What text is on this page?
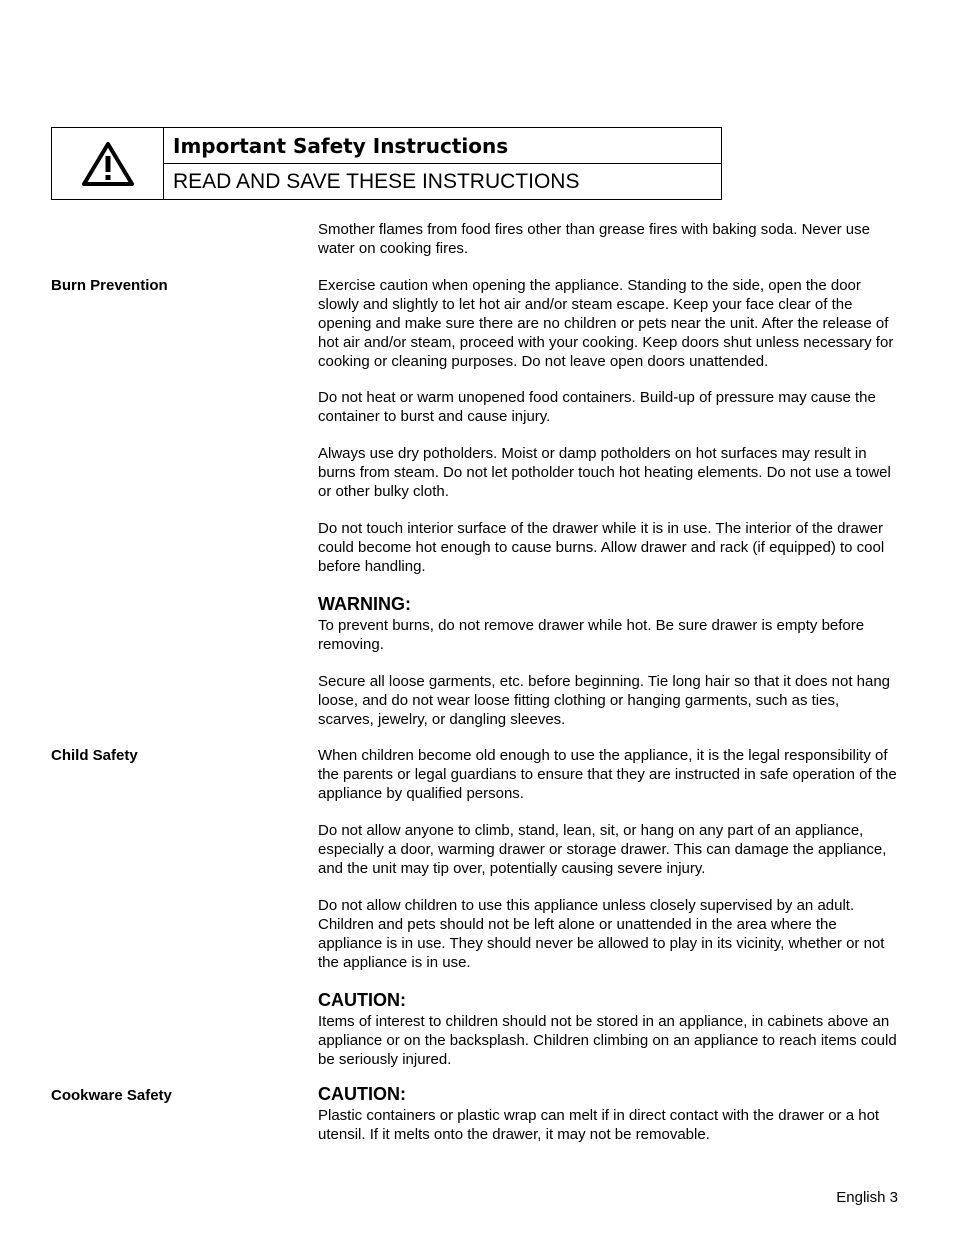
Important Safety Instructions
READ AND SAVE THESE INSTRUCTIONS
Smother flames from food fires other than grease fires with baking soda. Never use water on cooking fires.
Burn Prevention	Exercise caution when opening the appliance. Standing to the side, open the door slowly and slightly to let hot air and/or steam escape. Keep your face clear of the opening and make sure there are no children or pets near the unit. After the release of hot air and/or steam, proceed with your cooking. Keep doors shut unless necessary for cooking or cleaning purposes. Do not leave open doors unattended.
Do not heat or warm unopened food containers. Build-up of pressure may cause the container to burst and cause injury.
Always use dry potholders. Moist or damp potholders on hot surfaces may result in burns from steam. Do not let potholder touch hot heating elements. Do not use a towel or other bulky cloth.
Do not touch interior surface of the drawer while it is in use. The interior of the drawer could become hot enough to cause burns. Allow drawer and rack (if equipped) to cool before handling.
WARNING:
To prevent burns, do not remove drawer while hot. Be sure drawer is empty before removing.
Secure all loose garments, etc. before beginning. Tie long hair so that it does not hang loose, and do not wear loose fitting clothing or hanging garments, such as ties, scarves, jewelry, or dangling sleeves.
Child Safety	When children become old enough to use the appliance, it is the legal responsibility of the parents or legal guardians to ensure that they are instructed in safe operation of the appliance by qualified persons.
Do not allow anyone to climb, stand, lean, sit, or hang on any part of an appliance, especially a door, warming drawer or storage drawer. This can damage the appliance, and the unit may tip over, potentially causing severe injury.
Do not allow children to use this appliance unless closely supervised by an adult. Children and pets should not be left alone or unattended in the area where the appliance is in use. They should never be allowed to play in its vicinity, whether or not the appliance is in use.
CAUTION:
Items of interest to children should not be stored in an appliance, in cabinets above an appliance or on the backsplash. Children climbing on an appliance to reach items could be seriously injured.
Cookware Safety	CAUTION:
Plastic containers or plastic wrap can melt if in direct contact with the drawer or a hot utensil. If it melts onto the drawer, it may not be removable.
English 3
